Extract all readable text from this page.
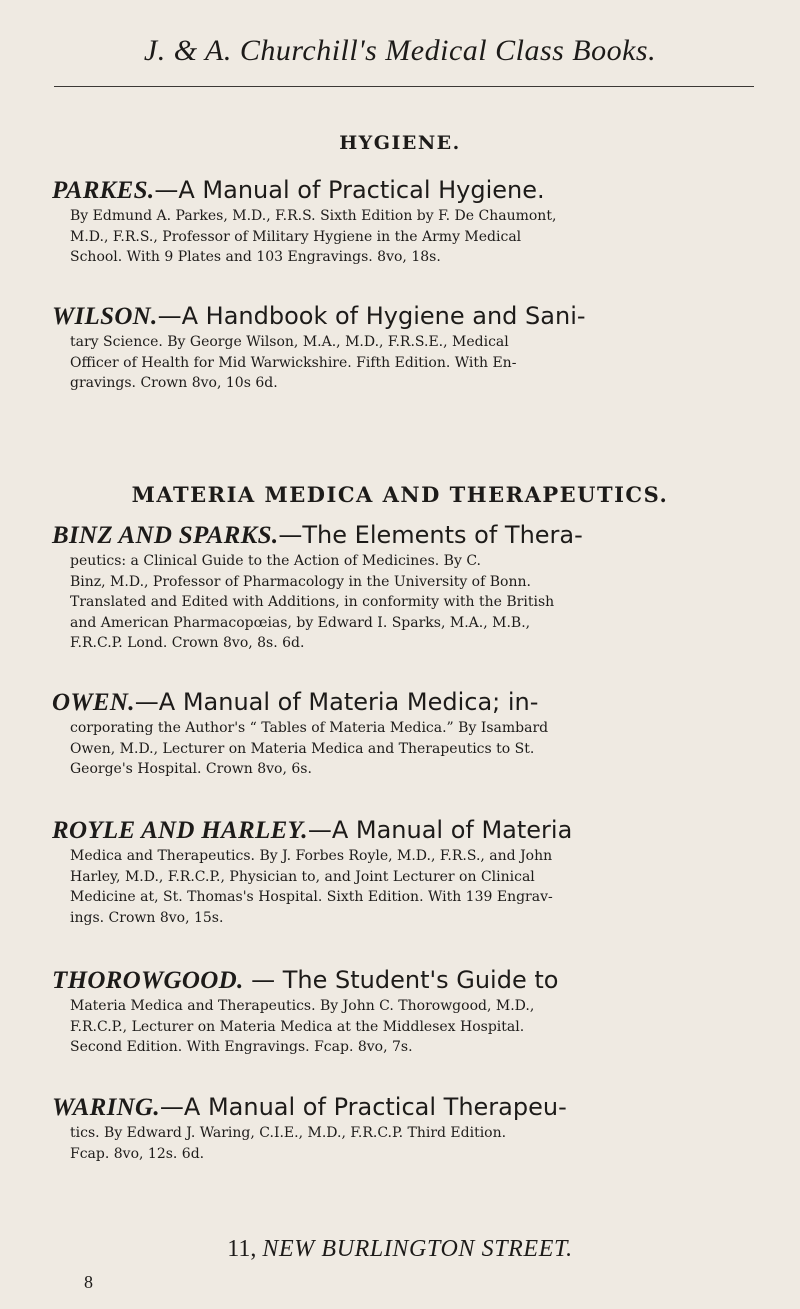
J. & A. Churchill's Medical Class Books.
HYGIENE.
PARKES.—A Manual of Practical Hygiene.
By Edmund A. Parkes, M.D., F.R.S. Sixth Edition by F. De Chaumont,
M.D., F.R.S., Professor of Military Hygiene in the Army Medical
School. With 9 Plates and 103 Engravings. 8vo, 18s.
WILSON.—A Handbook of Hygiene and Sani-
tary Science. By George Wilson, M.A., M.D., F.R.S.E., Medical
Officer of Health for Mid Warwickshire. Fifth Edition. With En-
gravings. Crown 8vo, 10s 6d.
MATERIA MEDICA AND THERAPEUTICS.
BINZ AND SPARKS.—The Elements of Thera-
peutics: a Clinical Guide to the Action of Medicines. By C.
Binz, M.D., Professor of Pharmacology in the University of Bonn.
Translated and Edited with Additions, in conformity with the British
and American Pharmacopœias, by Edward I. Sparks, M.A., M.B.,
F.R.C.P. Lond. Crown 8vo, 8s. 6d.
OWEN.—A Manual of Materia Medica; in-
corporating the Author's “ Tables of Materia Medica.” By Isambard
Owen, M.D., Lecturer on Materia Medica and Therapeutics to St.
George's Hospital. Crown 8vo, 6s.
ROYLE AND HARLEY.—A Manual of Materia
Medica and Therapeutics. By J. Forbes Royle, M.D., F.R.S., and John
Harley, M.D., F.R.C.P., Physician to, and Joint Lecturer on Clinical
Medicine at, St. Thomas's Hospital. Sixth Edition. With 139 Engrav-
ings. Crown 8vo, 15s.
THOROWGOOD. — The Student's Guide to
Materia Medica and Therapeutics. By John C. Thorowgood, M.D.,
F.R.C.P., Lecturer on Materia Medica at the Middlesex Hospital.
Second Edition. With Engravings. Fcap. 8vo, 7s.
WARING.—A Manual of Practical Therapeu-
tics. By Edward J. Waring, C.I.E., M.D., F.R.C.P. Third Edition.
Fcap. 8vo, 12s. 6d.
11, NEW BURLINGTON STREET.
8
